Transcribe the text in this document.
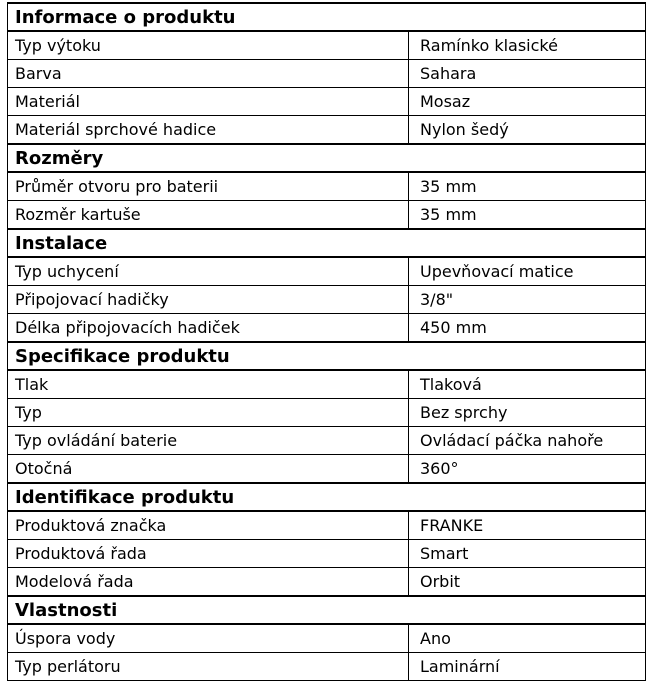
Informace o produktu	
Typ výtoku	Ramínko klasické
Barva	Sahara
Materiál	Mosaz
Materiál sprchové hadice	Nylon šedý
Rozměry	
Průměr otvoru pro baterii	35 mm
Rozměr kartuše	35 mm
Instalace	
Typ uchycení	Upevňovací matice
Připojovací hadičky	3/8"
Délka připojovacích hadiček	450 mm
Specifikace produktu	
Tlak	Tlaková
Typ	Bez sprchy
Typ ovládání baterie	Ovládací páčka nahoře
Otočná	360°
Identifikace produktu	
Produktová značka	FRANKE
Produktová řada	Smart
Modelová řada	Orbit
Vlastnosti	
Úspora vody	Ano
Typ perlátoru	Laminární
